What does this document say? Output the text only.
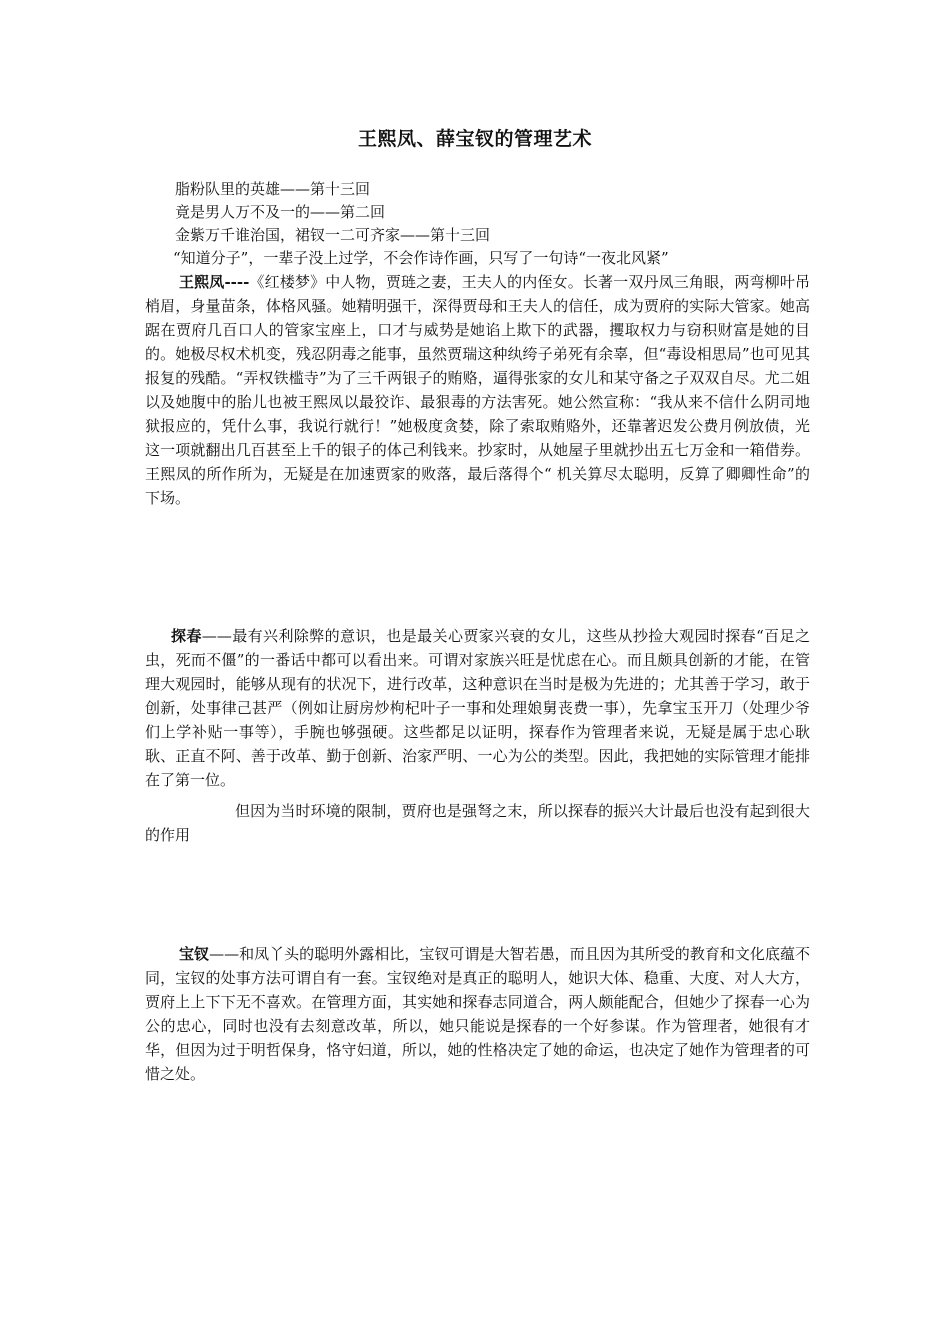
王熙凤、薛宝钗的管理艺术
脂粉队里的英雄——第十三回
竟是男人万不及一的——第二回
金紫万千谁治国，裙钗一二可齐家——第十三回
“知道分子”，一辈子没上过学，不会作诗作画，只写了一句诗“一夜北风紧”
王熙凤----《红楼梦》中人物，贾琏之妻，王夫人的内侄女。长著一双丹凤三角眼，两弯柳叶吊梢眉，身量苗条，体格风骚。她精明强干，深得贾母和王夫人的信任，成为贾府的实际大管家。她高踞在贾府几百口人的管家宝座上，口才与威势是她谄上欺下的武器，攫取权力与窃积财富是她的目的。她极尽权术机变，残忍阴毒之能事，虽然贾瑞这种纨绔子弟死有余辜，但“毒设相思局”也可见其报复的残酷。“弄权铁槛寺”为了三千两银子的贿赂，逼得张家的女儿和某守备之子双双自尽。尤二姐以及她腹中的胎儿也被王熙凤以最狡诈、最狠毒的方法害死。她公然宣称：“我从来不信什么阴司地狱报应的，凭什么事，我说行就行！”她极度贪婪，除了索取贿赂外，还靠著迟发公费月例放债，光这一项就翻出几百甚至上千的银子的体己利钱来。抄家时，从她屋子里就抄出五七万金和一箱借券。王熙凤的所作所为，无疑是在加速贾家的败落，最后落得个“ 机关算尽太聪明，反算了卿卿性命”的下场。
探春——最有兴利除弊的意识，也是最关心贾家兴衰的女儿，这些从抄捡大观园时探春“百足之虫，死而不僵”的一番话中都可以看出来。可谓对家族兴旺是忧虑在心。而且颇具创新的才能，在管理大观园时，能够从现有的状况下，进行改革，这种意识在当时是极为先进的；尤其善于学习，敢于创新，处事律己甚严（例如让厨房炒枸杞叶子一事和处理娘舅丧费一事），先拿宝玉开刀（处理少爷们上学补贴一事等），手腕也够强硬。这些都足以证明，探春作为管理者来说，无疑是属于忠心耿耿、正直不阿、善于改革、勤于创新、治家严明、一心为公的类型。因此，我把她的实际管理才能排在了第一位。
但因为当时环境的限制，贾府也是强弩之末，所以探春的振兴大计最后也没有起到很大的作用
宝钗——和凤丫头的聪明外露相比，宝钗可谓是大智若愚，而且因为其所受的教育和文化底蕴不同，宝钗的处事方法可谓自有一套。宝钗绝对是真正的聪明人，她识大体、稳重、大度、对人大方，贾府上上下下无不喜欢。在管理方面，其实她和探春志同道合，两人颇能配合，但她少了探春一心为公的忠心，同时也没有去刻意改革，所以，她只能说是探春的一个好参谋。作为管理者，她很有才华，但因为过于明哲保身，恪守妇道，所以，她的性格决定了她的命运，也决定了她作为管理者的可惜之处。
